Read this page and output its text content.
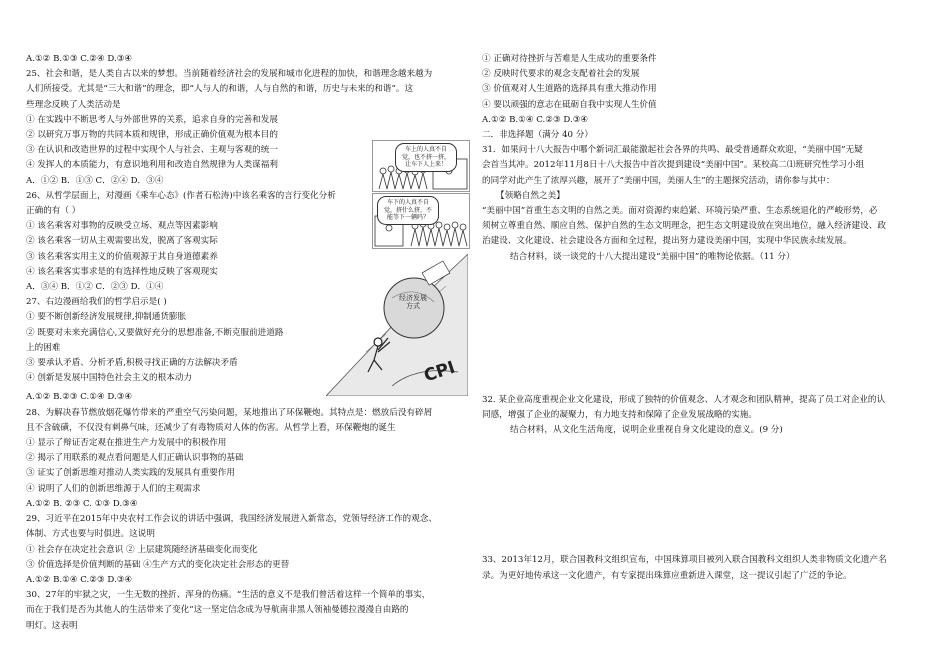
A.①② B.①③ C.②④ D.③④
25、社会和谐，是人类自古以来的梦想。当前随着经济社会的发展和城市化进程的加快，和谐理念越来越为
人们所接受。尤其是“三大和谐”的理念，即“人与人的和谐，人与自然的和谐，历史与未来的和谐”。这
些理念反映了人类活动是
① 在实践中不断思考人与外部世界的关系，追求自身的完善和发展
② 以研究万事万物的共同本质和规律，形成正确价值观为根本目的
③ 在认识和改造世界的过程中实现个人与社会、主观与客观的统一
④ 发挥人的本质能力，有意识地利用和改造自然规律为人类谋福利
A．①② B．①③ C．②④ D．③④
26、从哲学层面上，对漫画《乘车心态》(作者石松涛)中该名乘客的言行变化分析
正确的有（ ）
① 该名乘客对事物的反映受立场、观点等因素影响
② 该名乘客一切从主观需要出发，脱离了客观实际
③ 该名乘客实用主义的价值观源于其自身道德素养
④ 该名乘客实事求是的有选择性地反映了客观现实
A．③④ B．①② C．②③ D．①④
27、右边漫画给我们的哲学启示是( )
① 要不断创新经济发展规律,抑制通货膨胀
② 既要对未来充满信心,又要做好充分的思想准备,不断克服前进道路
上的困难
③ 要承认矛盾、分析矛盾,积极寻找正确的方法解决矛盾
④ 创新是发展中国特色社会主义的根本动力
A.①② B.②③ C.①④ D.③④
28、为解决春节燃放烟花爆竹带来的严重空气污染问题，某地推出了环保鞭炮。其特点是：燃放后没有碎屑
且不含硫磺，不仅没有刺鼻气味，还减少了有毒物质对人体的伤害。从哲学上看，环保鞭炮的诞生
① 显示了辩证否定观在推进生产力发展中的积极作用
② 揭示了用联系的观点看问题是人们正确认识事物的基础
③ 证实了创新思维对推动人类实践的发展具有重要作用
④ 说明了人们的创新思维源于人们的主观需求
A.①② B. ②③ C. ①③ D.③④
29、习近平在2015年中央农村工作会议的讲话中强调，我国经济发展进入新常态，党领导经济工作的观念、
体制、方式也要与时俱进。这说明
① 社会存在决定社会意识 ② 上层建筑随经济基础变化而变化
③ 价值选择是价值判断的基础 ④生产方式的变化决定社会形态的更替
A.①② B.①④ C.②③ D.③④
30、27年的牢狱之灾，一生无数的挫折、浑身的伤痛。“生活的意义不是我们曾活着这样一个简单的事实，
而在于我们是否为其他人的生活带来了变化”这一坚定信念成为导航南非黑人领袖曼德拉漫漫自由路的
明灯。这表明
车上的人真不自觉，也不挤一挤，让车下人上来！
车下的人真不自觉，挤什么挤，不能等下一辆吗？
经济发展方式
CPI
① 正确对待挫折与苦难是人生成功的重要条件
② 反映时代要求的观念支配着社会的发展
③ 价值观对人生道路的选择具有重大推动作用
④ 要以顽强的意志在砥砺自我中实现人生价值
A.①② B.①④ C.②③ D.③④
二．非选择题（满分 40 分）
31．如果问十八大报告中哪个新词汇最能激起社会各界的共鸣、最受普通群众欢迎，“美丽中国”无疑
会首当其冲。2012年11月8日十八大报告中首次提到建设“美丽中国”。某校高二⑴班研究性学习小组
的同学对此产生了浓厚兴趣，展开了“美丽中国，美丽人生”的主题探究活动，请你参与其中：
【领略自然之美】
“美丽中国”首重生态文明的自然之美。面对资源约束趋紧、环境污染严重、生态系统退化的严峻形势，必
须树立尊重自然、顺应自然、保护自然的生态文明理念，把生态文明建设放在突出地位，融入经济建设、政
治建设、文化建设、社会建设各方面和全过程，提出努力建设美丽中国，实现中华民族永续发展。
结合材料，谈一谈党的十八大提出建设“美丽中国”的唯物论依据。（11 分）
32. 某企业高度重视企业文化建设，形成了独特的价值观念、人才观念和团队精神，提高了员工对企业的认
同感，增强了企业的凝聚力，有力地支持和保障了企业发展战略的实施。
结合材料，从文化生活角度，说明企业重视自身文化建设的意义。(9 分)
33、2013年12月，联合国教科文组织宣布，中国珠算项目被列入联合国教科文组织人类非物质文化遗产名
录。为更好地传承这一文化遗产，有专家提出珠算应重新进入课堂，这一提议引起了广泛的争论。
